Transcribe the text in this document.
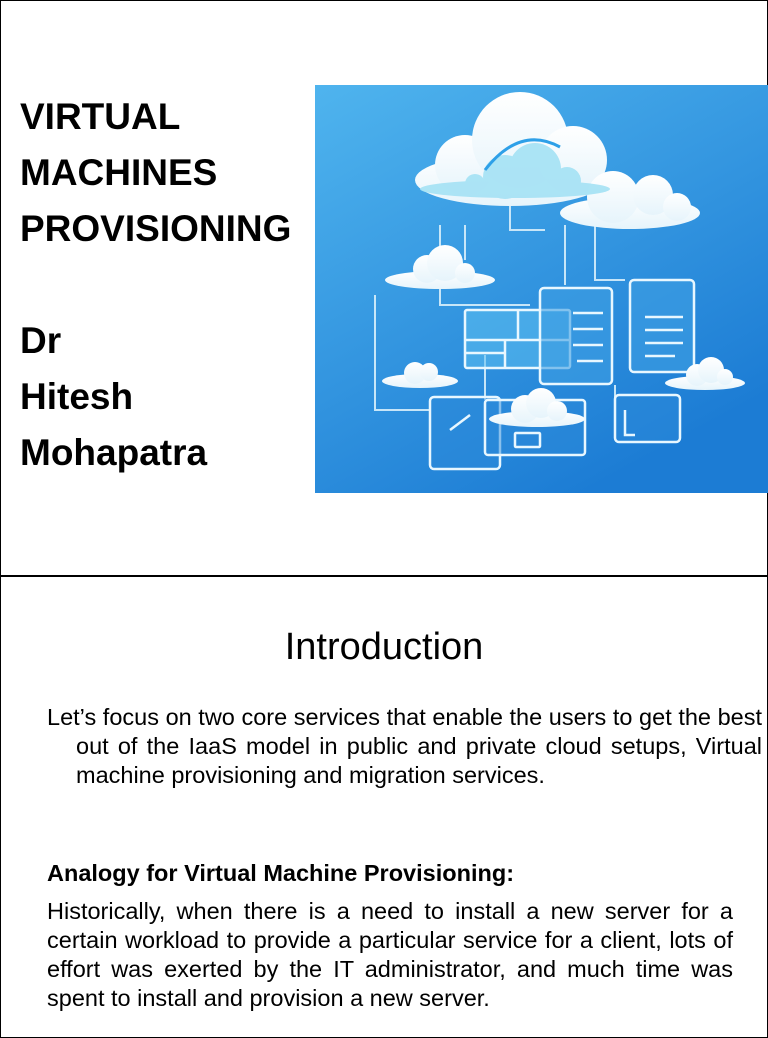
VIRTUAL
MACHINES
PROVISIONING
Dr
Hitesh
Mohapatra
Introduction
Let’s focus on two core services that enable the users to get the best out of the IaaS model in public and private cloud setups, Virtual machine provisioning and migration services.
Analogy for Virtual Machine Provisioning:
Historically, when there is a need to install a new server for a certain workload to provide a particular service for a client, lots of effort was exerted by the IT administrator, and much time was spent to install and provision a new server.
